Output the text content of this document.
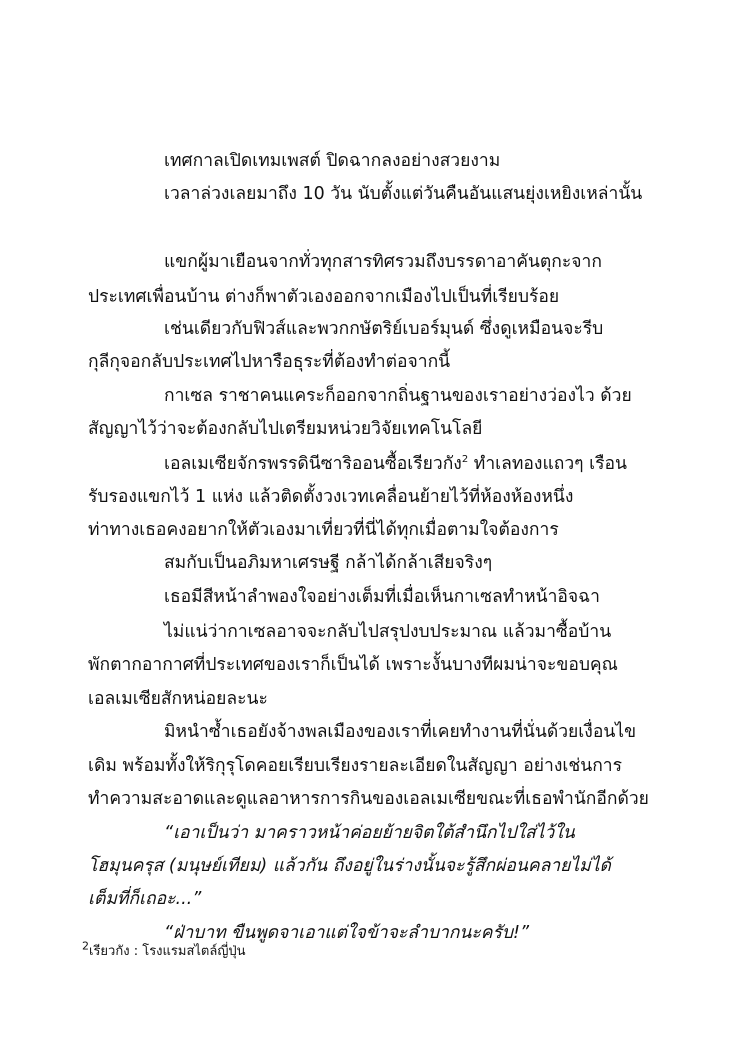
เทศกาลเปิดเทมเพสต์ ปิดฉากลงอย่างสวยงาม
เวลาล่วงเลยมาถึง 10 วัน นับตั้งแต่วันคืนอันแสนยุ่งเหยิงเหล่านั้น
แขกผู้มาเยือนจากทั่วทุกสารทิศรวมถึงบรรดาอาคันตุกะจาก
ประเทศเพื่อนบ้าน ต่างก็พาตัวเองออกจากเมืองไปเป็นที่เรียบร้อย
เช่นเดียวกับฟิวส์และพวกกษัตริย์เบอร์มุนด์ ซึ่งดูเหมือนจะรีบ
กุลีกุจอกลับประเทศไปหารือธุระที่ต้องทำต่อจากนี้
กาเซล ราชาคนแคระก็ออกจากถิ่นฐานของเราอย่างว่องไว ด้วย
สัญญาไว้ว่าจะต้องกลับไปเตรียมหน่วยวิจัยเทคโนโลยี
เอลเมเซียจักรพรรดินีซาริออนซื้อเรียวกัง$^2$ ทำเลทองแถวๆ เรือน
รับรองแขกไว้ 1 แห่ง แล้วติดตั้งวงเวทเคลื่อนย้ายไว้ที่ห้องห้องหนึ่ง
ท่าทางเธอคงอยากให้ตัวเองมาเที่ยวที่นี่ได้ทุกเมื่อตามใจต้องการ
สมกับเป็นอภิมหาเศรษฐี กล้าได้กล้าเสียจริงๆ
เธอมีสีหน้าลำพองใจอย่างเต็มที่เมื่อเห็นกาเซลทำหน้าอิจฉา
ไม่แน่ว่ากาเซลอาจจะกลับไปสรุปงบประมาณ แล้วมาซื้อบ้าน
พักตากอากาศที่ประเทศของเราก็เป็นได้ เพราะงั้นบางทีผมน่าจะขอบคุณ
เอลเมเซียสักหน่อยละนะ
มิหนำซ้ำเธอยังจ้างพลเมืองของเราที่เคยทำงานที่นั่นด้วยเงื่อนไข
เดิม พร้อมทั้งให้ริกุรุโดคอยเรียบเรียงรายละเอียดในสัญญา อย่างเช่นการ
ทำความสะอาดและดูแลอาหารการกินของเอลเมเซียขณะที่เธอพำนักอีกด้วย
“เอาเป็นว่า มาคราวหน้าค่อยย้ายจิตใต้สำนึกไปใส่ไว้ใน
โฮมุนครุส (มนุษย์เทียม) แล้วกัน ถึงอยู่ในร่างนั้นจะรู้สึกผ่อนคลายไม่ได้
เต็มที่ก็เถอะ...”
“ฝ่าบาท ขืนพูดจาเอาแต่ใจข้าจะลำบากนะครับ!”
$^2$เรียวกัง : โรงแรมสไตล์ญี่ปุ่น
